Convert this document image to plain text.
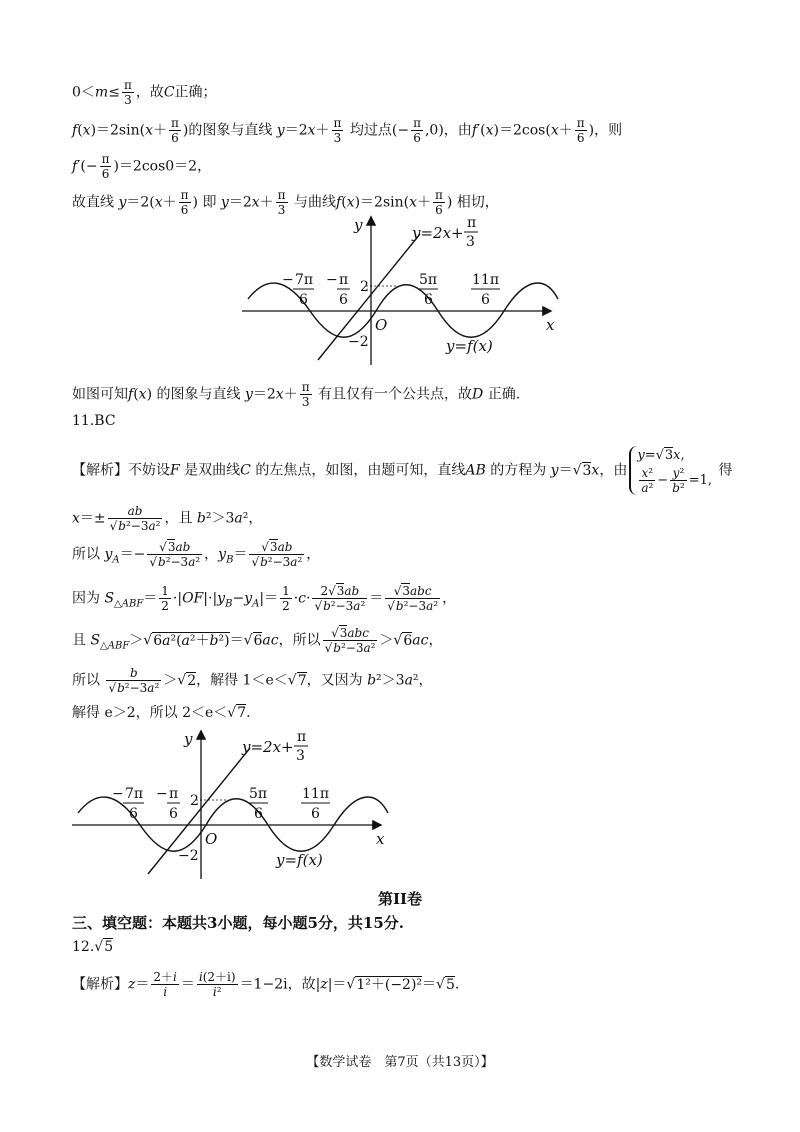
$0<m\le \frac{\pi}{3}$ ，故C正确；
$f(x)=2\sin(x+ \frac{\pi}{6}$ )的图象与直线 $y=2x+ \frac{\pi}{3}$ 均过点(− $\frac{\pi}{6} ,0$)，由$f'(x)=2\cos(x+ \frac{\pi}{6}$ )，则
$f'(- \frac{\pi}{6} )=2\cos 0=2$，
故直线 $y=2(x+ \frac{\pi}{6}$ ) 即 $y=2x+ \frac{\pi}{3}$ 与曲线$f(x)=2\sin(x+ \frac{\pi}{6}$ ) 相切，
y
x
O
y=2x+
π
3
y=f(x)
2
−2
− 7π
6
− π
6
5π
6
11π
6
如图可知f(x) 的图象与直线 $y=2x+ \frac{\pi}{3}$ 有且仅有一个公共点，故D 正确.
11.BC
【解析】不妨设F 是双曲线C 的左焦点，如图，由题可知，直线AB 的方程为 y＝√3x，由y=√3x,

$\frac{\text{x²}}{\text{a²}} - \frac{\text{y²}}{\text{b²}} =1$, 得
$x=\pm \frac{ab}{\text{√b²−3a²}}$ ，且 b²＞3a²，
所以 $y_A=- \frac{√3ab}{\text{√b²−3a²}}$ ，$y_B= \frac{√3ab}{\text{√b²−3a²}}$ ，
因为 $S_{\triangle ABF}= \frac{1}{2} \cdot|OF|\cdot|y_B-y_A|= \frac{1}{2} \cdot c\cdot \frac{2√3ab}{\text{√b²−3a²}} = √3abc$
√b²−3a² ，
且 $S_{\triangle ABF}>√6a^2(a^2+b^2)=√6ac$，所以 √3abc
√b²−3a² ＞√6ac，
所以 $\frac{b}{\text{√b²−3a²}} >√2$，解得 1＜e＜√7，又因为 b²＞3a²，
解得 e＞2，所以 2＜e＜√7.
y
x
O
y=2x+
π
3
y=f(x)
2
−2
− 7π
6
− π
6
5π
6
11π
6
第II卷
三、填空题：本题共3小题，每小题5分，共15分.
12.√5
【解析】$z= \frac{2+i}{i} = \frac{i(2+i)}{\text{i²}} =1-2i$，故|z|＝√1²＋(−2)²＝√5.
【数学试卷　第7页（共13页）】
